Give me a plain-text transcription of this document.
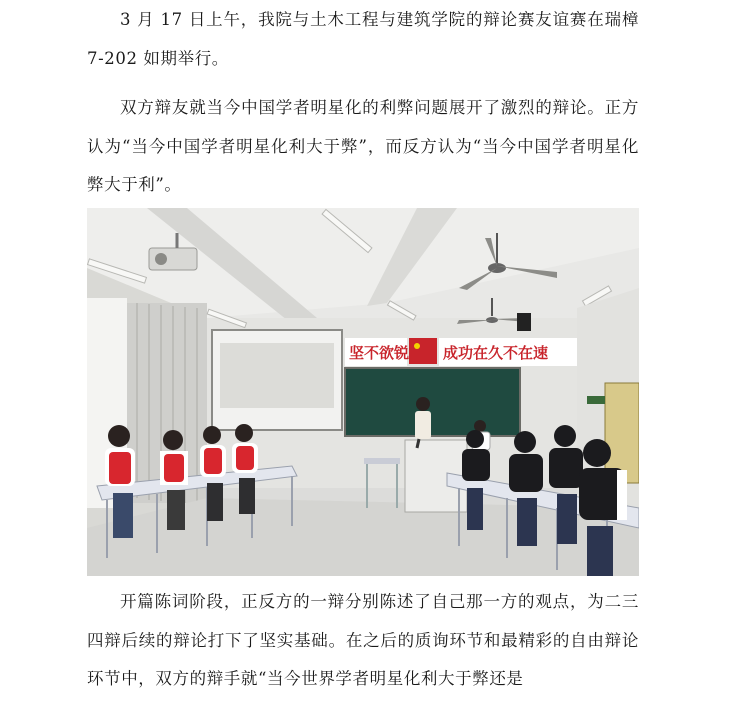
3 月 17 日上午，我院与土木工程与建筑学院的辩论赛友谊赛在瑞樟 7-202 如期举行。

双方辩友就当今中国学者明星化的利弊问题展开了激烈的辩论。正方认为“当今中国学者明星化利大于弊”，而反方认为“当今中国学者明星化弊大于利”。

坚不欲锐 成功在久不在速

开篇陈词阶段，正反方的一辩分别陈述了自己那一方的观点，为二三四辩后续的辩论打下了坚实基础。在之后的质询环节和最精彩的自由辩论环节中，双方的辩手就“当今世界学者明星化利大于弊还是
